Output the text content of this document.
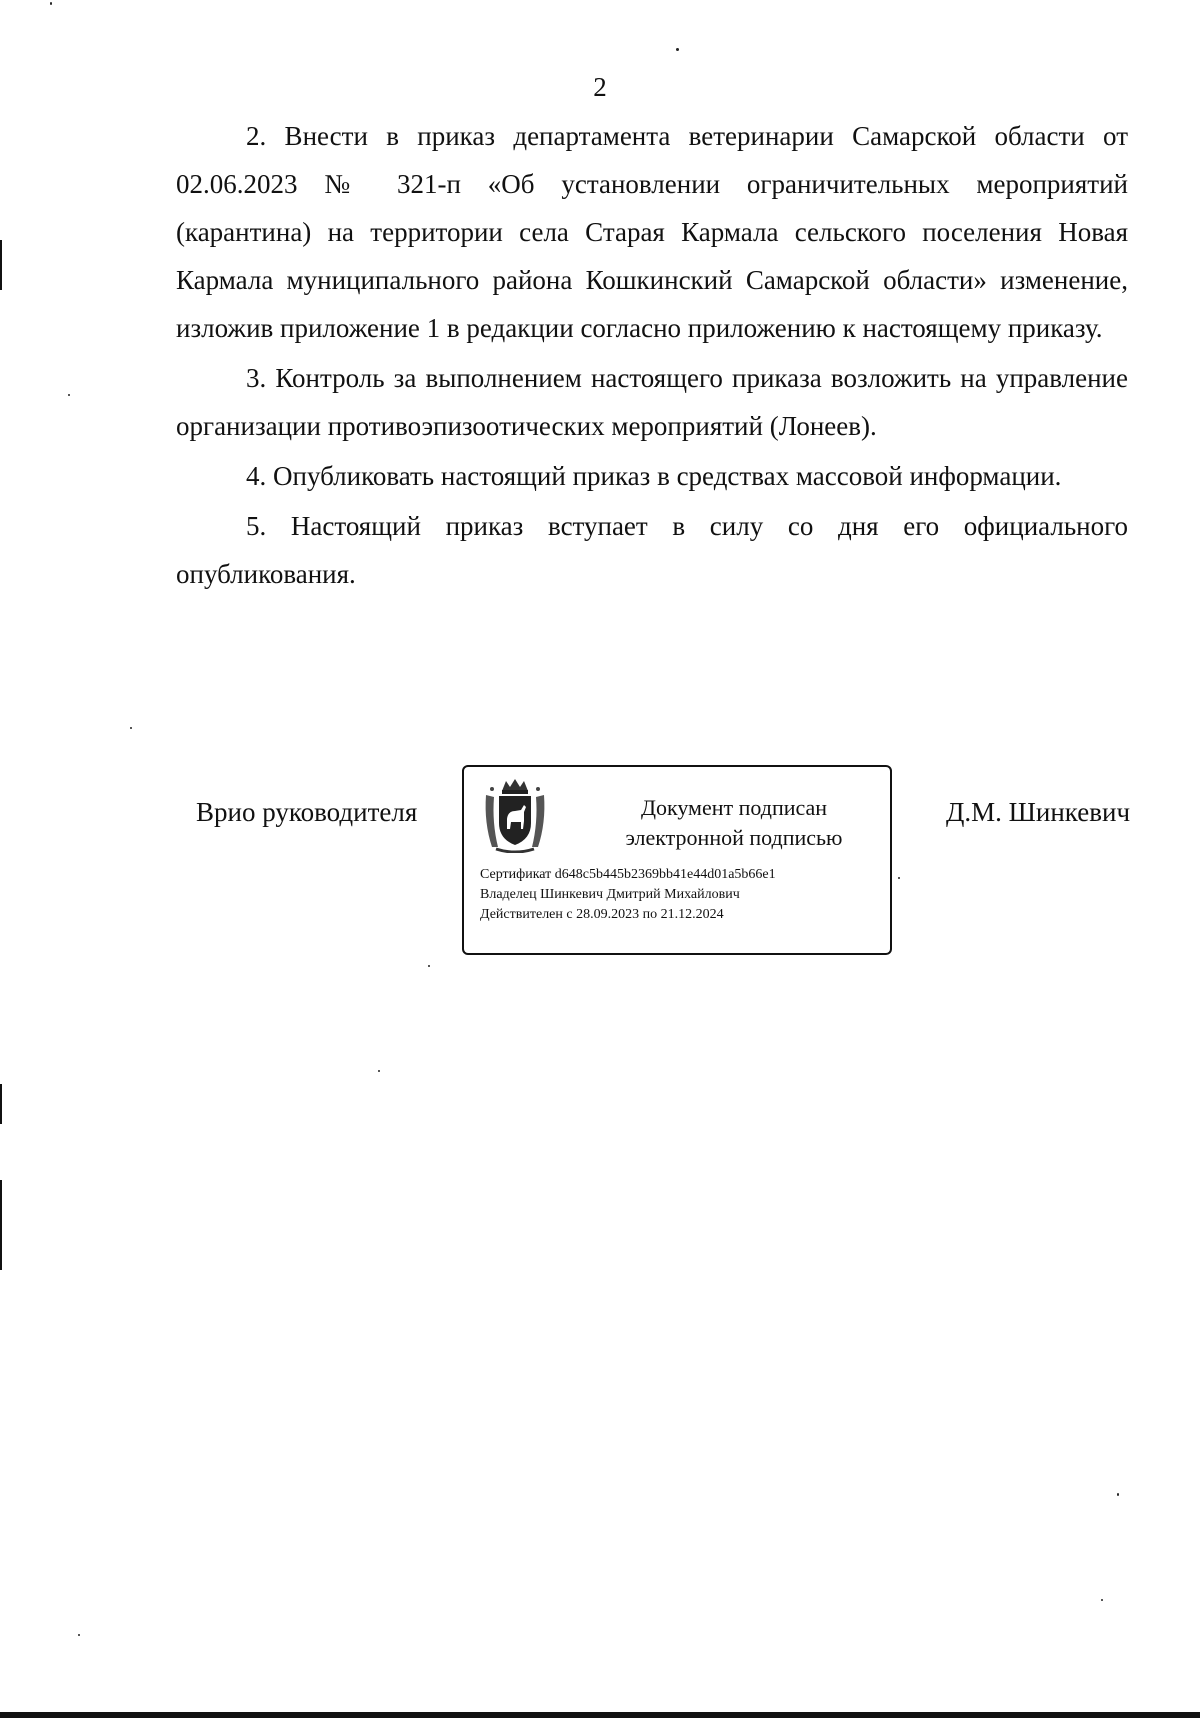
2

2. Внести в приказ департамента ветеринарии Самарской области от 02.06.2023 № 321-п «Об установлении ограничительных мероприятий (карантина) на территории села Старая Кармала сельского поселения Новая Кармала муниципального района Кошкинский Самарской области» изменение, изложив приложение 1 в редакции согласно приложению к настоящему приказу.

3. Контроль за выполнением настоящего приказа возложить на управление организации противоэпизоотических мероприятий (Лонеев).

4. Опубликовать настоящий приказ в средствах массовой информации.

5. Настоящий приказ вступает в силу со дня его официального опубликования.

Врио руководителя	Документ подписан
электронной подписью
Сертификат d648c5b445b2369bb41e44d01a5b66e1
Владелец Шинкевич Дмитрий Михайлович
Действителен с 28.09.2023 по 21.12.2024
Д.М. Шинкевич
